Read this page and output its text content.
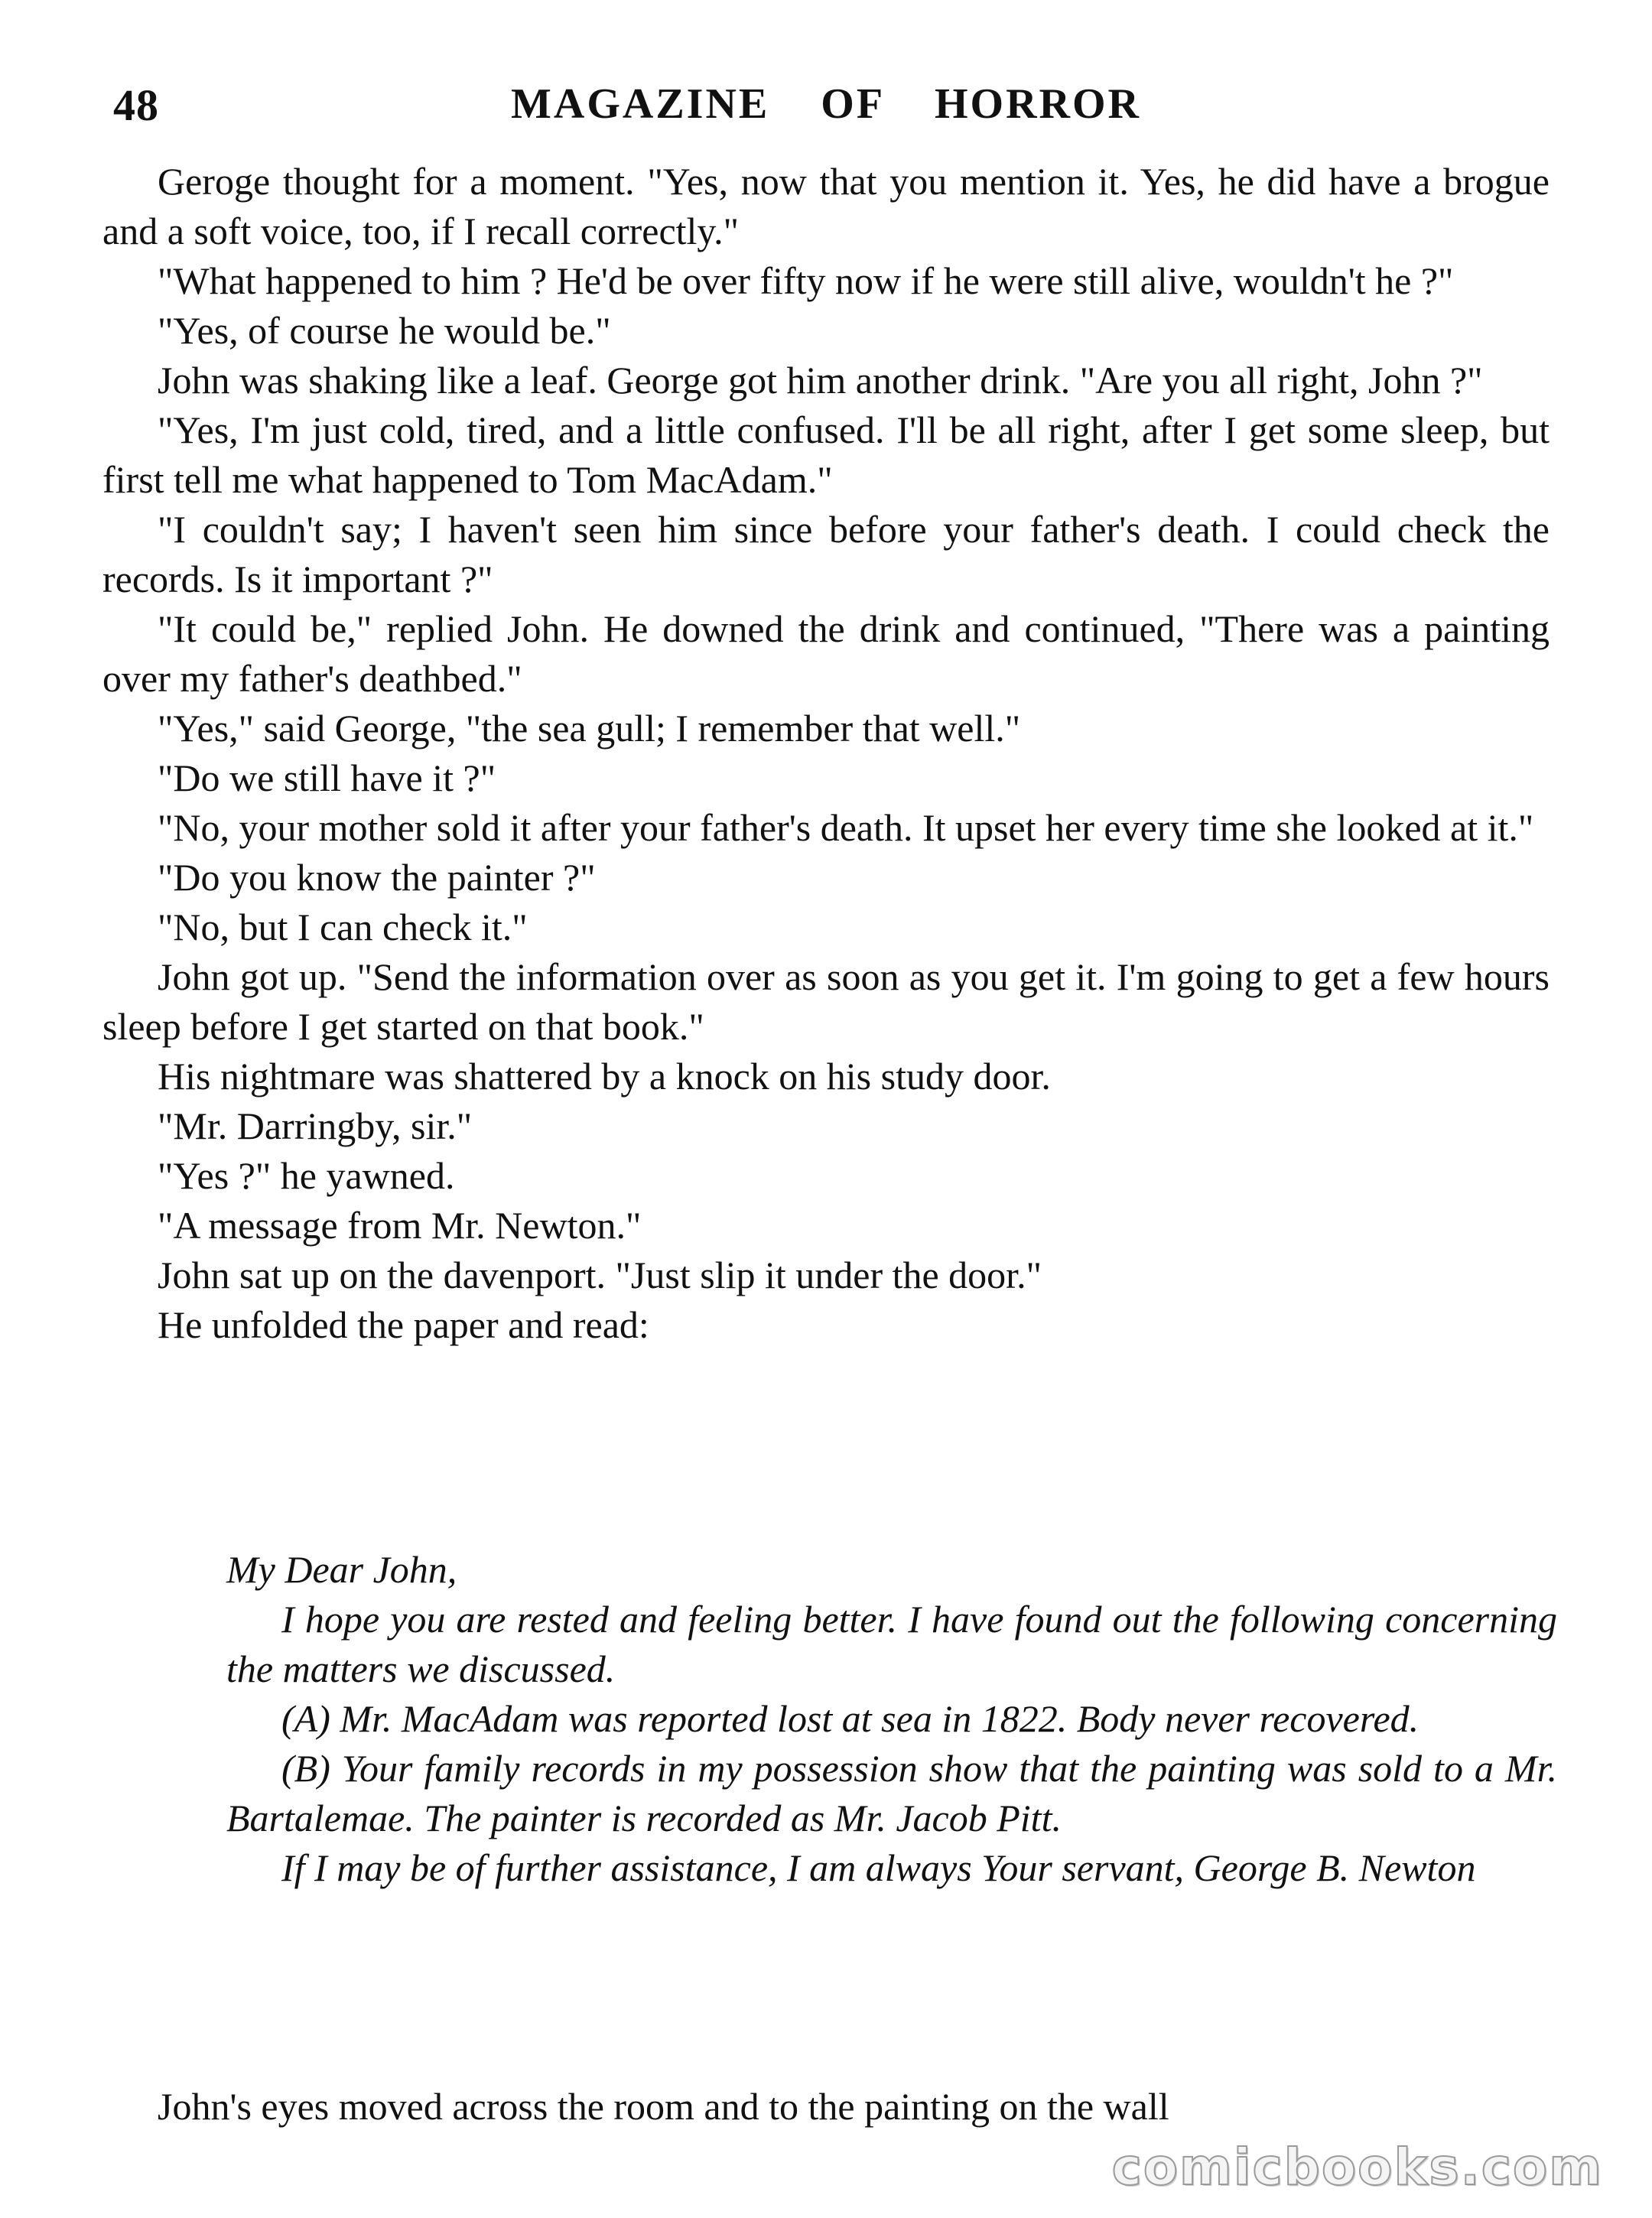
48	MAGAZINE OF HORROR

Geroge thought for a moment. "Yes, now that you mention it. Yes, he did have a brogue and a soft voice, too, if I recall correctly."

"What happened to him ? He'd be over fifty now if he were still alive, wouldn't he ?"

"Yes, of course he would be."

John was shaking like a leaf. George got him another drink. "Are you all right, John ?"

"Yes, I'm just cold, tired, and a little confused. I'll be all right, after I get some sleep, but first tell me what happened to Tom MacAdam."

"I couldn't say; I haven't seen him since before your father's death. I could check the records. Is it important ?"

"It could be," replied John. He downed the drink and continued, "There was a painting over my father's deathbed."

"Yes," said George, "the sea gull; I remember that well."

"Do we still have it ?"

"No, your mother sold it after your father's death. It upset her every time she looked at it."

"Do you know the painter ?"

"No, but I can check it."

John got up. "Send the information over as soon as you get it. I'm going to get a few hours sleep before I get started on that book."

His nightmare was shattered by a knock on his study door.

"Mr. Darringby, sir."

"Yes ?" he yawned.

"A message from Mr. Newton."

John sat up on the davenport. "Just slip it under the door."

He unfolded the paper and read:

My Dear John,

I hope you are rested and feeling better. I have found out the following concerning the matters we discussed.

(A) Mr. MacAdam was reported lost at sea in 1822. Body never recovered.

(B) Your family records in my possession show that the painting was sold to a Mr. Bartalemae. The painter is recorded as Mr. Jacob Pitt.

If I may be of further assistance, I am always Your servant, George B. Newton

John's eyes moved across the room and to the painting on the wall

comicbooks.com
